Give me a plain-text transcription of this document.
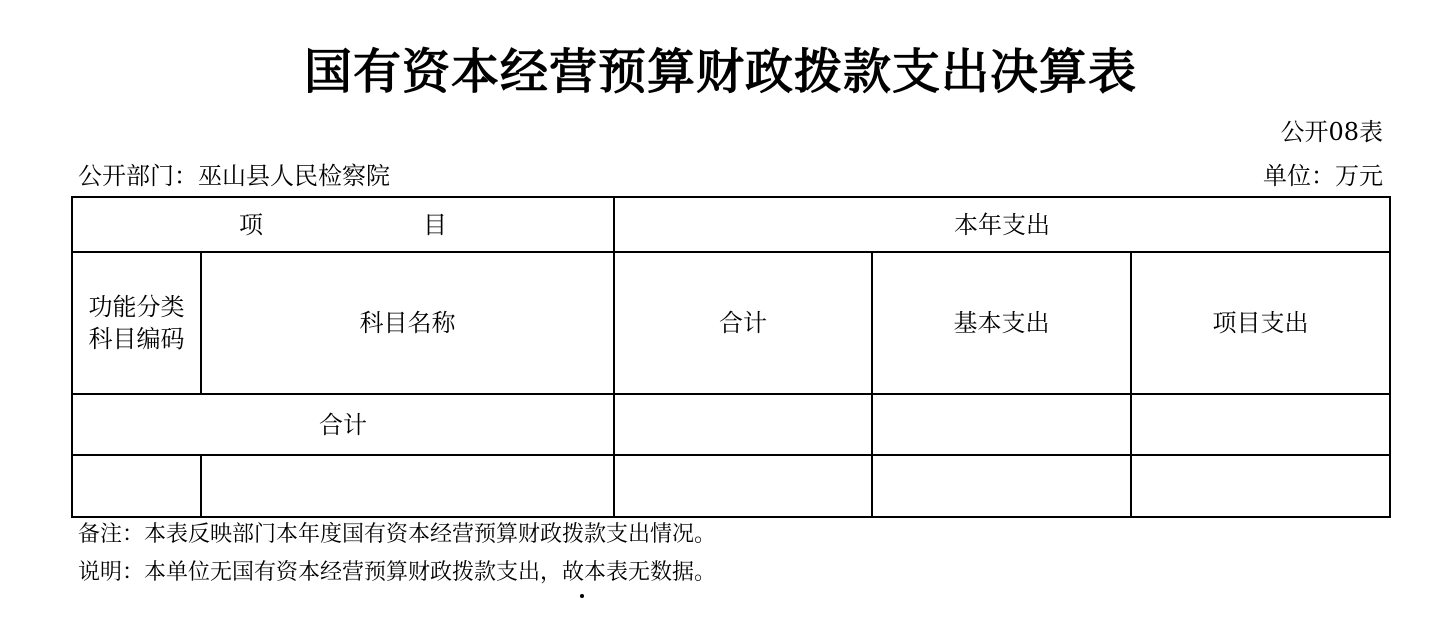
国有资本经营预算财政拨款支出决算表
公开08表
公开部门：巫山县人民检察院	单位：万元
项 目		本年支出		

功能分类
科目编码	科目名称	合计	基本支出	项目支出
合计				

备注：本表反映部门本年度国有资本经营预算财政拨款支出情况。
说明：本单位无国有资本经营预算财政拨款支出，故本表无数据。
